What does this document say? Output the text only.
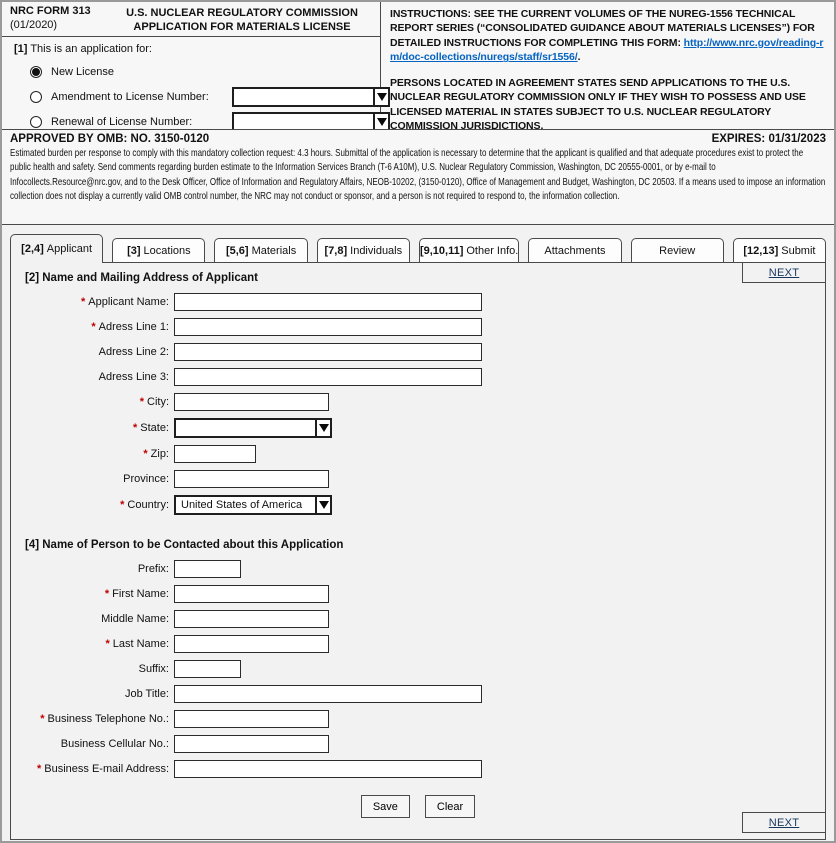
NRC FORM 313
(01/2020)
U.S. NUCLEAR REGULATORY COMMISSION
APPLICATION FOR MATERIALS LICENSE
[1] This is an application for:
New License
Amendment to License Number:
Renewal of License Number:

INSTRUCTIONS: SEE THE CURRENT VOLUMES OF THE NUREG-1556 TECHNICAL REPORT SERIES (“CONSOLIDATED GUIDANCE ABOUT MATERIALS LICENSES”) FOR DETAILED INSTRUCTIONS FOR COMPLETING THIS FORM: http://www.nrc.gov/reading-rm/doc-collections/nuregs/staff/sr1556/.

PERSONS LOCATED IN AGREEMENT STATES SEND APPLICATIONS TO THE U.S. NUCLEAR REGULATORY COMMISSION ONLY IF THEY WISH TO POSSESS AND USE LICENSED MATERIAL IN STATES SUBJECT TO U.S. NUCLEAR REGULATORY COMMISSION JURISDICTIONS.

APPROVED BY OMB: NO. 3150-0120	EXPIRES: 01/31/2023
Estimated burden per response to comply with this mandatory collection request: 4.3 hours. Submittal of the application is necessary to determine that the applicant is qualified and that adequate procedures exist to protect the public health and safety. Send comments regarding burden estimate to the Information Services Branch (T-6 A10M), U.S. Nuclear Regulatory Commission, Washington, DC 20555-0001, or by e-mail to Infocollects.Resource@nrc.gov, and to the Desk Officer, Office of Information and Regulatory Affairs, NEOB-10202, (3150-0120), Office of Management and Budget, Washington, DC 20503. If a means used to impose an information collection does not display a currently valid OMB control number, the NRC may not conduct or sponsor, and a person is not required to respond to, the information collection.
[2,4] Applicant	[3] Locations	[5,6] Materials	[7,8] Individuals [9,10,11] Other Info. Attachments	Review	[12,13] Submit
NEXT
[2] Name and Mailing Address of Applicant
* Applicant Name:
* Adress Line 1:
Adress Line 2:
Adress Line 3:
* City:
* State:
* Zip:
Province:
* Country:	United States of America
[4] Name of Person to be Contacted about this Application
Prefix:
* First Name:
Middle Name:
* Last Name:
Suffix:
Job Title:
* Business Telephone No.:
Business Cellular No.:
* Business E-mail Address:
Save	Clear
NEXT
